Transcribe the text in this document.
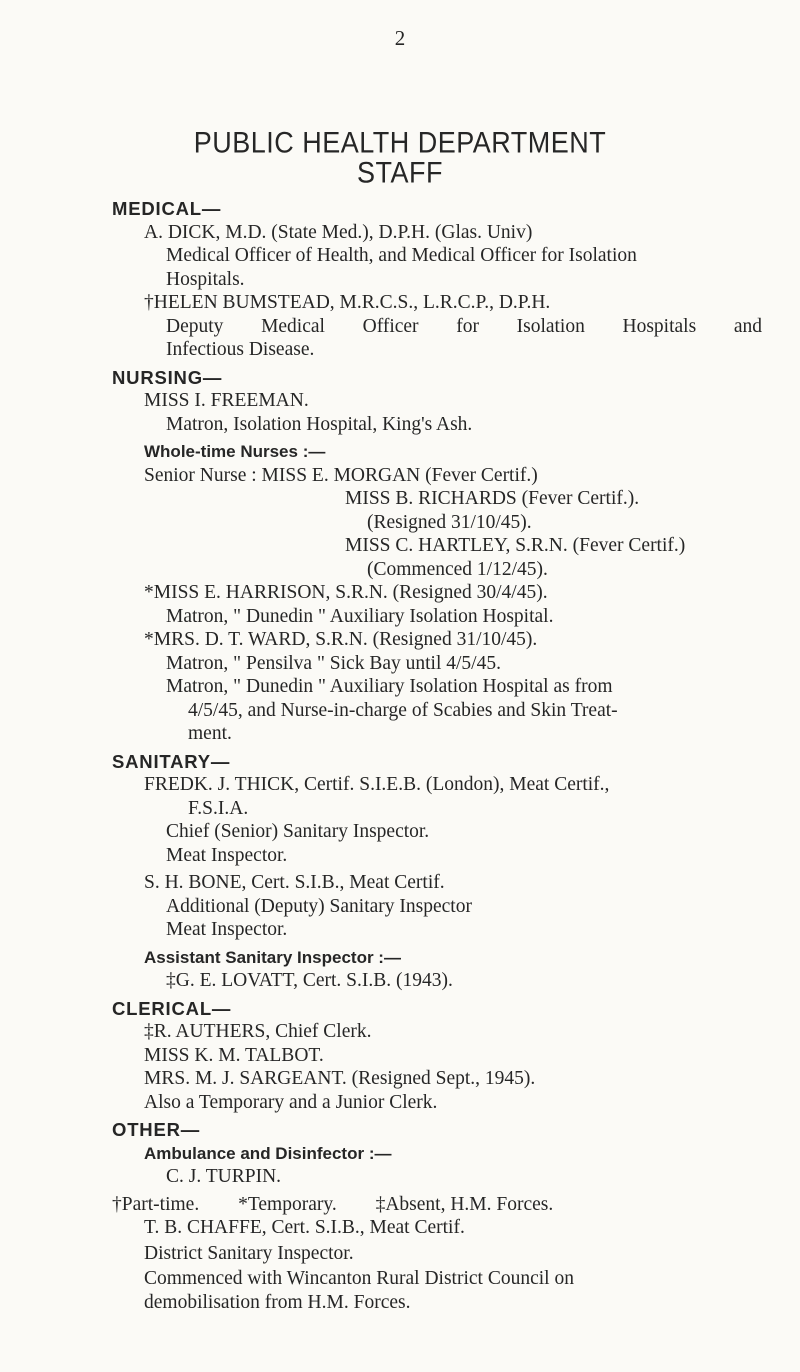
2
PUBLIC HEALTH DEPARTMENT
STAFF
MEDICAL—
A. DICK, M.D. (State Med.), D.P.H. (Glas. Univ)
Medical Officer of Health, and Medical Officer for Isolation
Hospitals.
†HELEN BUMSTEAD, M.R.C.S., L.R.C.P., D.P.H.
Deputy Medical Officer for Isolation Hospitals and
Infectious Disease.
NURSING—
MISS I. FREEMAN.
Matron, Isolation Hospital, King's Ash.
Whole-time Nurses :—
Senior Nurse : MISS E. MORGAN (Fever Certif.)
MISS B. RICHARDS (Fever Certif.).
(Resigned 31/10/45).
MISS C. HARTLEY, S.R.N. (Fever Certif.)
(Commenced 1/12/45).
*MISS E. HARRISON, S.R.N. (Resigned 30/4/45).
Matron, " Dunedin " Auxiliary Isolation Hospital.
*MRS. D. T. WARD, S.R.N. (Resigned 31/10/45).
Matron, " Pensilva " Sick Bay until 4/5/45.
Matron, " Dunedin " Auxiliary Isolation Hospital as from
4/5/45, and Nurse-in-charge of Scabies and Skin Treat-
ment.
SANITARY—
FREDK. J. THICK, Certif. S.I.E.B. (London), Meat Certif.,
F.S.I.A.
Chief (Senior) Sanitary Inspector.
Meat Inspector.
S. H. BONE, Cert. S.I.B., Meat Certif.
Additional (Deputy) Sanitary Inspector
Meat Inspector.
Assistant Sanitary Inspector :—
‡G. E. LOVATT, Cert. S.I.B. (1943).
CLERICAL—
‡R. AUTHERS, Chief Clerk.
MISS K. M. TALBOT.
MRS. M. J. SARGEANT. (Resigned Sept., 1945).
Also a Temporary and a Junior Clerk.
OTHER—
Ambulance and Disinfector :—
C. J. TURPIN.
†Part-time. *Temporary. ‡Absent, H.M. Forces.
T. B. CHAFFE, Cert. S.I.B., Meat Certif.
District Sanitary Inspector.
Commenced with Wincanton Rural District Council on
demobilisation from H.M. Forces.
